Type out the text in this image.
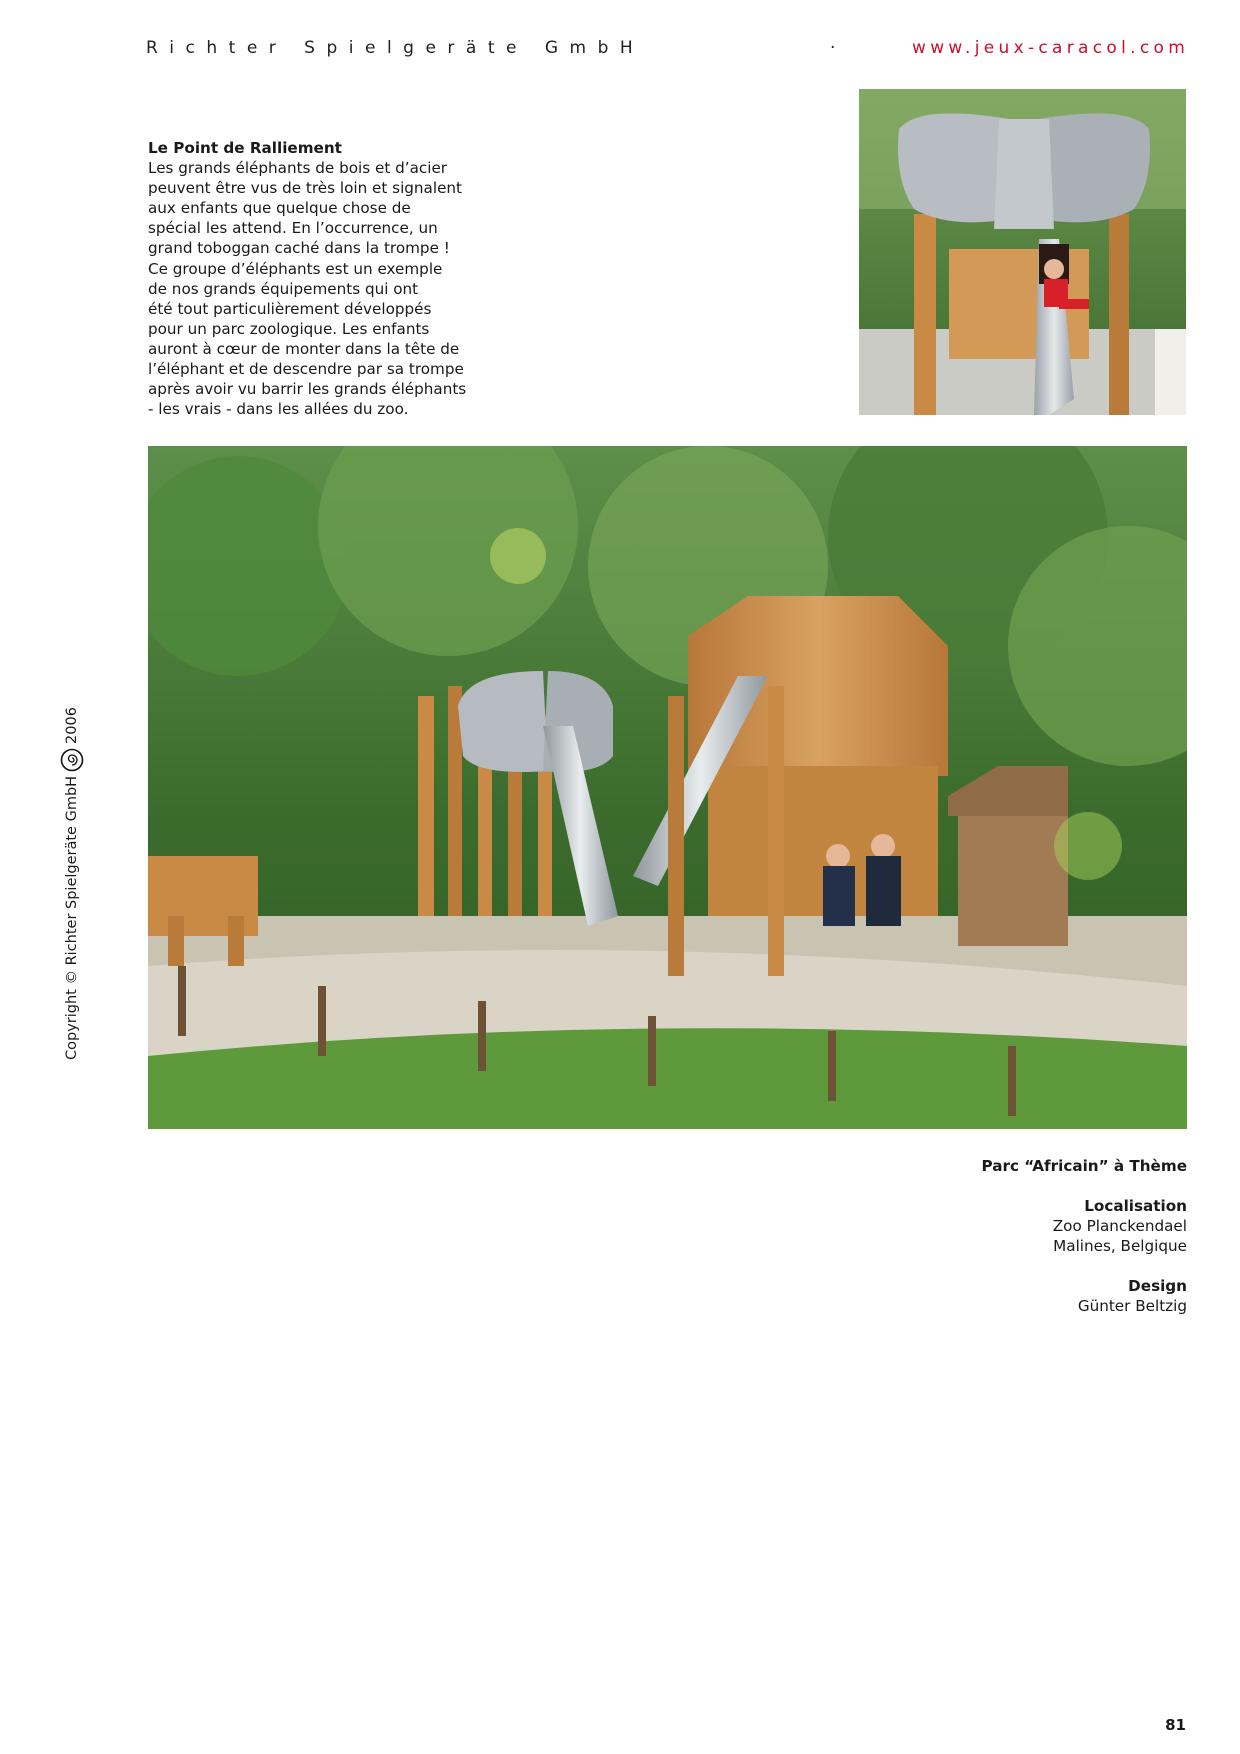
Richter Spielgeräte GmbH	·	www.jeux-caracol.com
Le Point de Ralliement

Les grands éléphants de bois et d’acier
peuvent être vus de très loin et signalent
aux enfants que quelque chose de
spécial les attend. En l’occurrence, un
grand toboggan caché dans la trompe !
Ce groupe d’éléphants est un exemple
de nos grands équipements qui ont
été tout particulièrement développés
pour un parc zoologique. Les enfants
auront à cœur de monter dans la tête de
l’éléphant et de descendre par sa trompe
après avoir vu barrir les grands éléphants
- les vrais - dans les allées du zoo.

Copyright © Richter Spielgeräte GmbH
2006
Parc “Africain” à Thème
Localisation
Zoo Planckendael
Malines, Belgique
Design
Günter Beltzig
81
